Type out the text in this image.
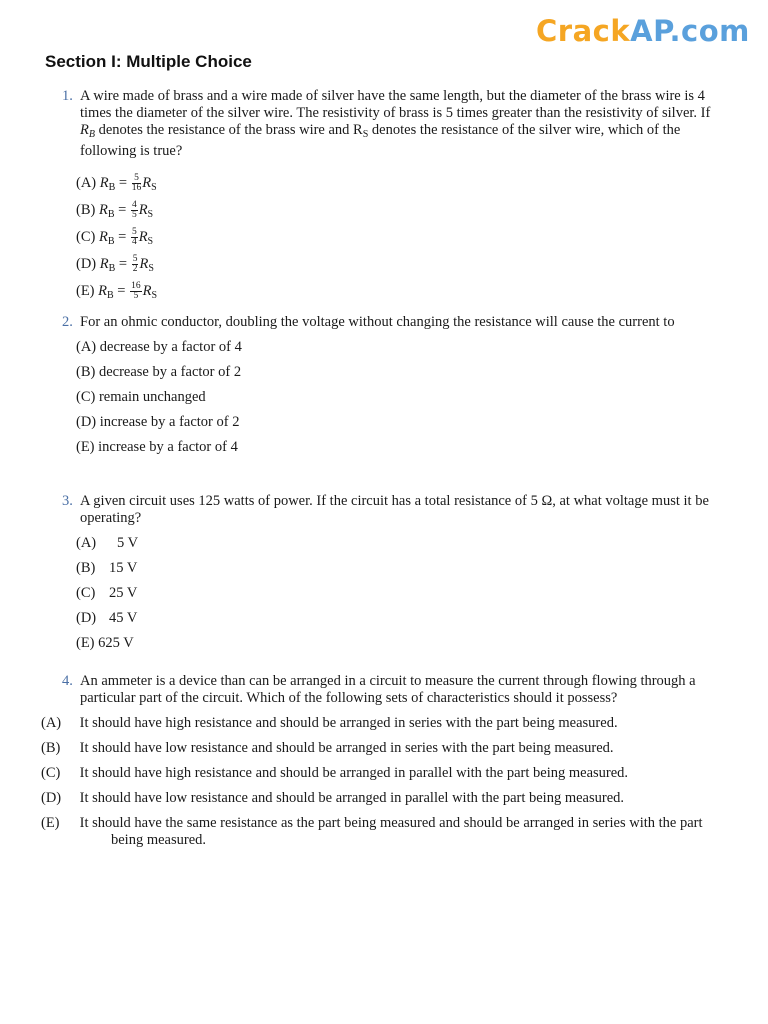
CrackAP.com
Section I: Multiple Choice
1. A wire made of brass and a wire made of silver have the same length, but the diameter of the brass wire is 4 times the diameter of the silver wire. The resistivity of brass is 5 times greater than the resistivity of silver. If $R_B$ denotes the resistance of the brass wire and $R_S$ denotes the resistance of the silver wire, which of the following is true?
(A) $R_B = \frac{5}{16} R_S$
(B) $R_B = \frac{4}{5} R_S$
(C) $R_B = \frac{5}{4} R_S$
(D) $R_B = \frac{5}{2} R_S$
(E) $R_B = \frac{16}{5} R_S$
2. For an ohmic conductor, doubling the voltage without changing the resistance will cause the current to
(A) decrease by a factor of 4
(B) decrease by a factor of 2
(C) remain unchanged
(D) increase by a factor of 2
(E) increase by a factor of 4
3. A given circuit uses 125 watts of power. If the circuit has a total resistance of 5 Ω, at what voltage must it be operating?
(A) 5 V
(B) 15 V
(C) 25 V
(D) 45 V
(E) 625 V
4. An ammeter is a device than can be arranged in a circuit to measure the current through flowing through a particular part of the circuit. Which of the following sets of characteristics should it possess?
(A) It should have high resistance and should be arranged in series with the part being measured.
(B) It should have low resistance and should be arranged in series with the part being measured.
(C) It should have high resistance and should be arranged in parallel with the part being measured.
(D) It should have low resistance and should be arranged in parallel with the part being measured.
(E) It should have the same resistance as the part being measured and should be arranged in series with the part being measured.
